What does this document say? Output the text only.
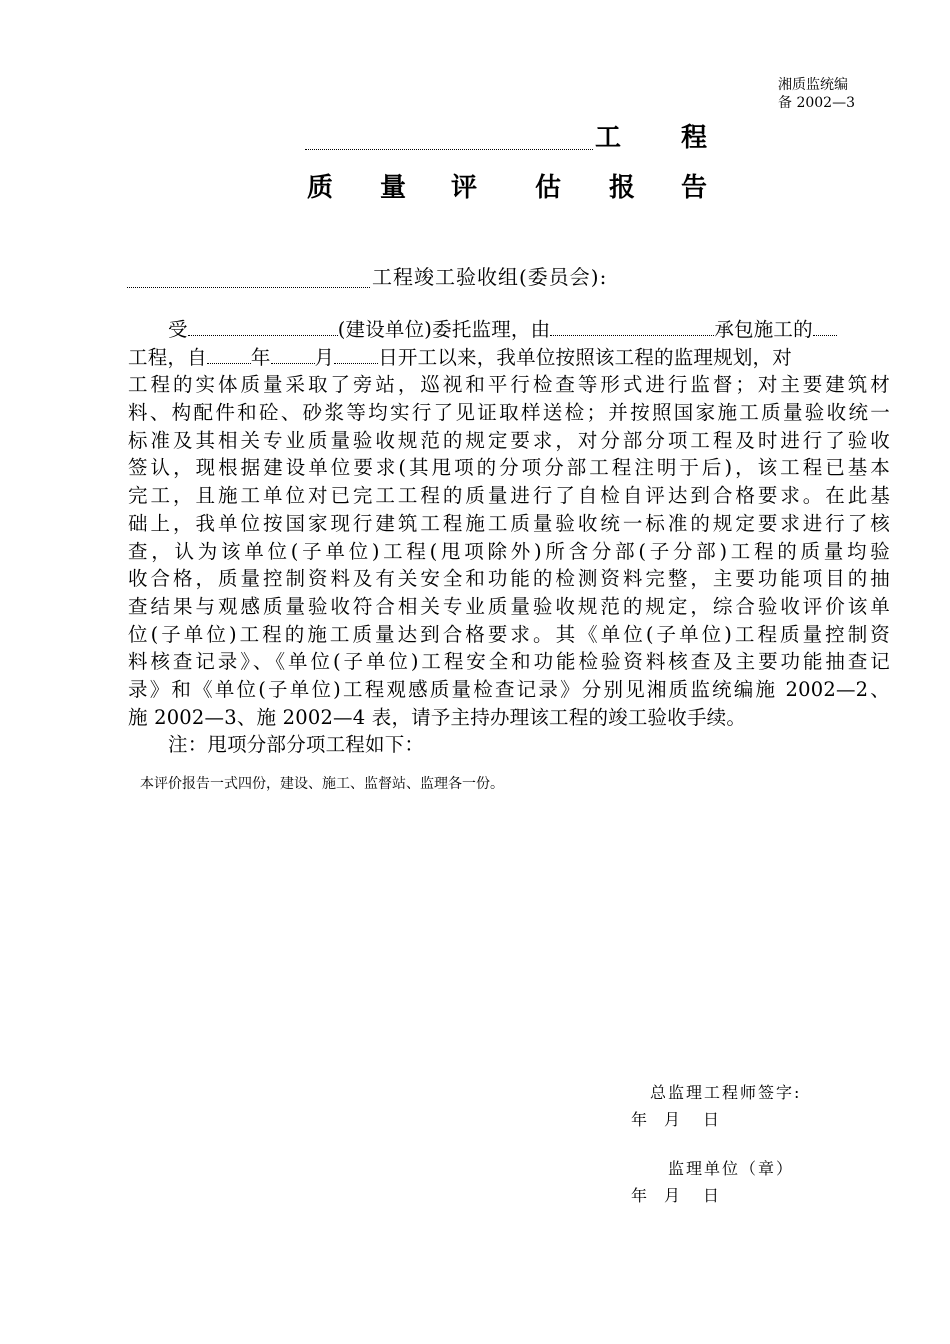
湘质监统编
备 2002—3
工 程
质 量 评 估 报 告
工程竣工验收组(委员会):
受	(建设单位)委托监理，由	承包施工的
工程，自 年 月 日开工以来，我单位按照该工程的监理规划，对
工程的实体质量采取了旁站，巡视和平行检查等形式进行监督；对主要建筑材
料、构配件和砼、砂浆等均实行了见证取样送检；并按照国家施工质量验收统一
标准及其相关专业质量验收规范的规定要求，对分部分项工程及时进行了验收
签认，现根据建设单位要求(其甩项的分项分部工程注明于后)，该工程已基本
完工，且施工单位对已完工工程的质量进行了自检自评达到合格要求。在此基
础上，我单位按国家现行建筑工程施工质量验收统一标准的规定要求进行了核
查，认为该单位(子单位)工程(甩项除外)所含分部(子分部)工程的质量均验
收合格，质量控制资料及有关安全和功能的检测资料完整，主要功能项目的抽
查结果与观感质量验收符合相关专业质量验收规范的规定，综合验收评价该单
位(子单位)工程的施工质量达到合格要求。其《单位(子单位)工程质量控制资
料核查记录》、《单位(子单位)工程安全和功能检验资料核查及主要功能抽查记
录》和《单位(子单位)工程观感质量检查记录》分别见湘质监统编施 2002—2、
施 2002—3、施 2002—4 表，请予主持办理该工程的竣工验收手续。
注：甩项分部分项工程如下：
本评价报告一式四份，建设、施工、监督站、监理各一份。
总监理工程师签字:
年 月 日
监理单位（章）
年 月 日
